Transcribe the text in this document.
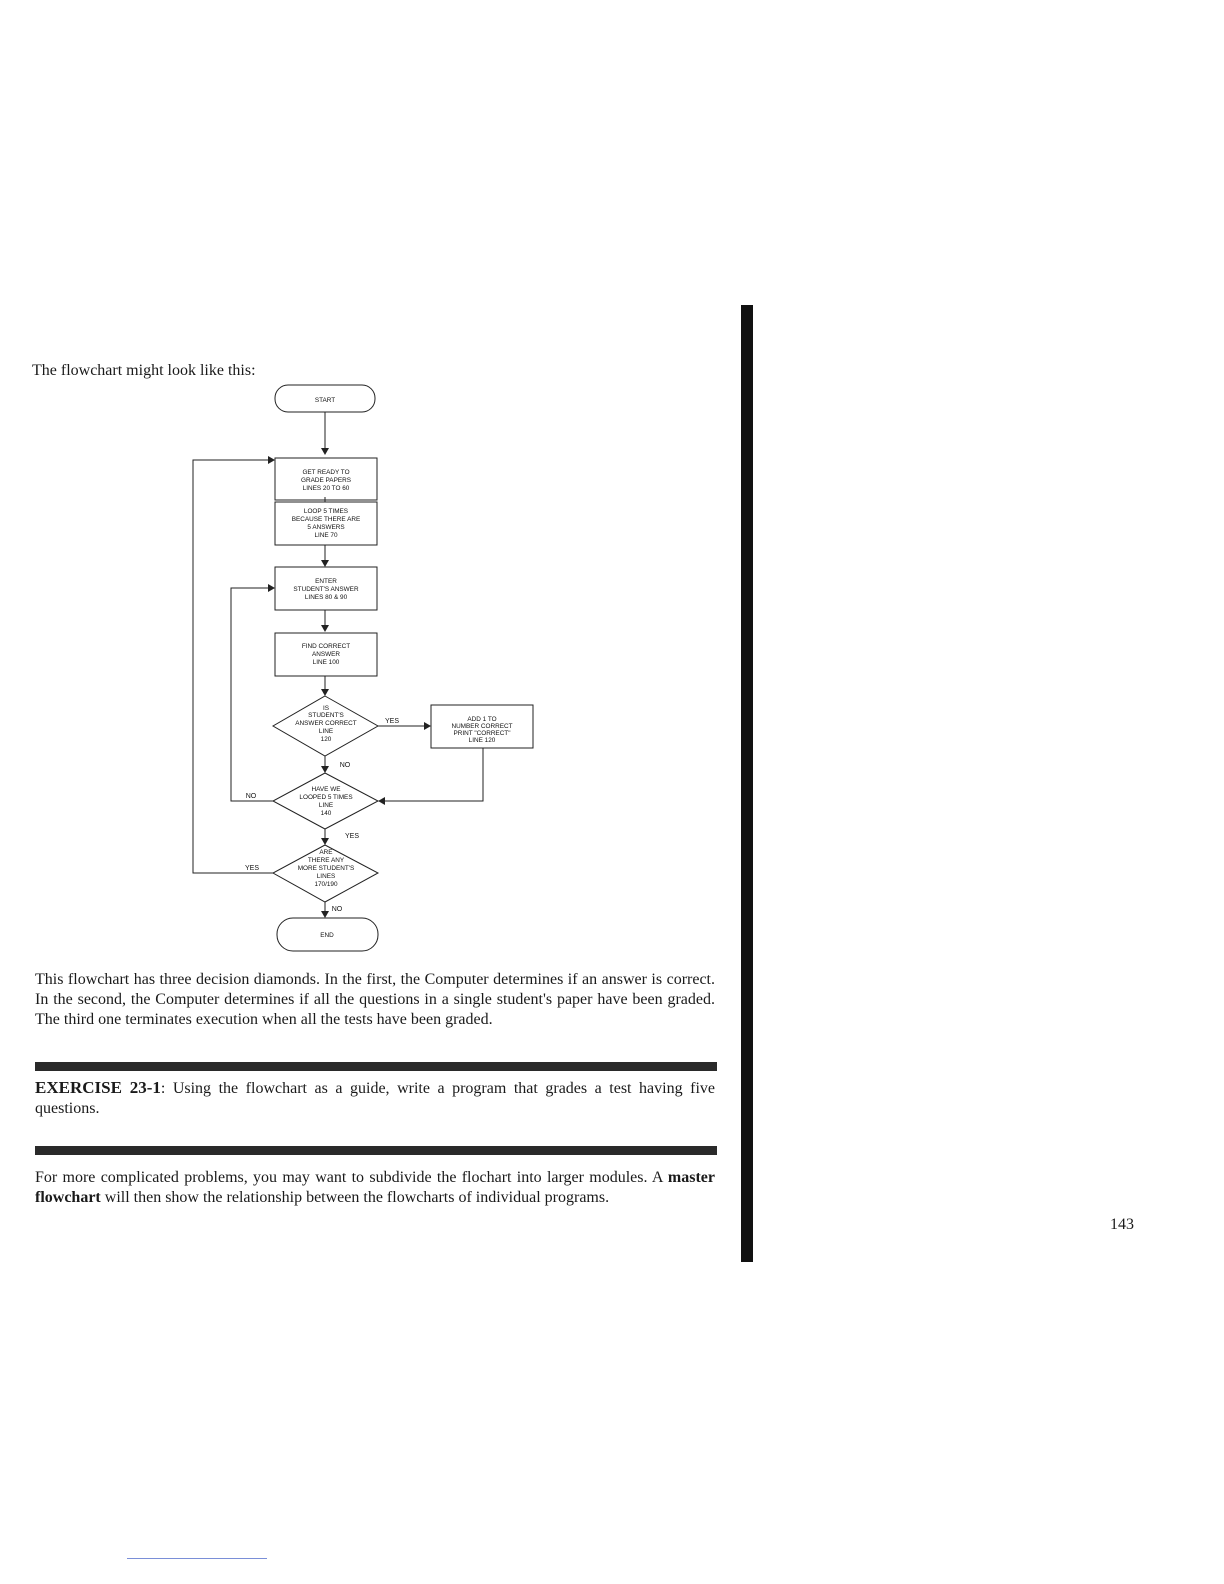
The flowchart might look like this:
START
GET READY TO
GRADE PAPERS
LINES 20 TO 60
LOOP 5 TIMES
BECAUSE THERE ARE
5 ANSWERS
LINE 70
ENTER
STUDENT'S ANSWER
LINES 80 & 90
FIND CORRECT
ANSWER
LINE 100
IS
STUDENT'S
ANSWER CORRECT
LINE
120
YES	ADD 1 TO
NUMBER CORRECT
PRINT "CORRECT"
LINE 120
NO
HAVE WE
LOOPED 5 TIMES
LINE
140
NO
YES
ARE
THERE ANY
MORE STUDENT'S
LINES
170/190
YES
NO
END
This flowchart has three decision diamonds. In the first, the Computer determines if an answer is correct. In the second, the Computer determines if all the questions in a single student's paper have been graded. The third one terminates execution when all the tests have been graded.
EXERCISE 23-1: Using the flowchart as a guide, write a program that grades a test having five questions.
For more complicated problems, you may want to subdivide the flochart into larger modules. A master flowchart will then show the relationship between the flowcharts of individual programs.
143
